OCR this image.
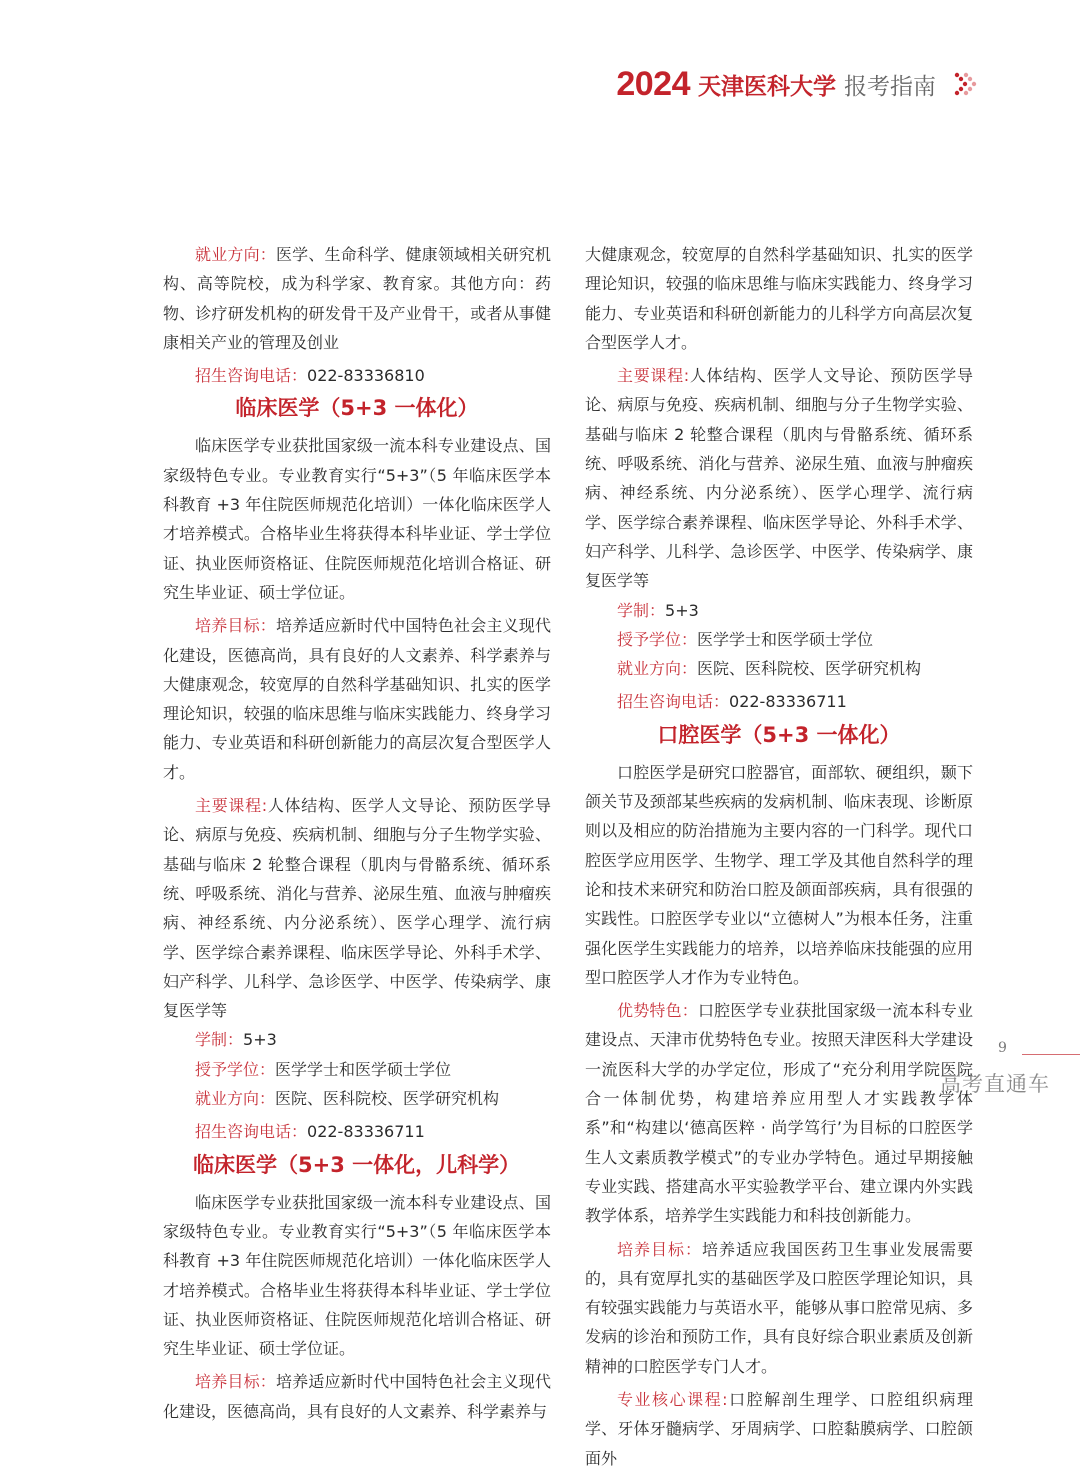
2024 天津医科大学 报考指南

就业方向：医学、生命科学、健康领域相关研究机构、高等院校，成为科学家、教育家。其他方向：药物、诊疗研发机构的研发骨干及产业骨干，或者从事健康相关产业的管理及创业

招生咨询电话：022-83336810

临床医学（5+3 一体化）

临床医学专业获批国家级一流本科专业建设点、国家级特色专业。专业教育实行“5+3”（5 年临床医学本科教育 +3 年住院医师规范化培训）一体化临床医学人才培养模式。合格毕业生将获得本科毕业证、学士学位证、执业医师资格证、住院医师规范化培训合格证、研究生毕业证、硕士学位证。

培养目标：培养适应新时代中国特色社会主义现代化建设，医德高尚，具有良好的人文素养、科学素养与大健康观念，较宽厚的自然科学基础知识、扎实的医学理论知识，较强的临床思维与临床实践能力、终身学习能力、专业英语和科研创新能力的高层次复合型医学人才。

主要课程:人体结构、医学人文导论、预防医学导论、病原与免疫、疾病机制、细胞与分子生物学实验、基础与临床 2 轮整合课程（肌肉与骨骼系统、循环系统、呼吸系统、消化与营养、泌尿生殖、血液与肿瘤疾病、神经系统、内分泌系统）、医学心理学、流行病学、医学综合素养课程、临床医学导论、外科手术学、妇产科学、儿科学、急诊医学、中医学、传染病学、康复医学等

学制：5+3

授予学位：医学学士和医学硕士学位

就业方向：医院、医科院校、医学研究机构

招生咨询电话：022-83336711

临床医学（5+3 一体化，儿科学）

临床医学专业获批国家级一流本科专业建设点、国家级特色专业。专业教育实行“5+3”（5 年临床医学本科教育 +3 年住院医师规范化培训）一体化临床医学人才培养模式。合格毕业生将获得本科毕业证、学士学位证、执业医师资格证、住院医师规范化培训合格证、研究生毕业证、硕士学位证。

培养目标：培养适应新时代中国特色社会主义现代化建设，医德高尚，具有良好的人文素养、科学素养与

大健康观念，较宽厚的自然科学基础知识、扎实的医学理论知识，较强的临床思维与临床实践能力、终身学习能力、专业英语和科研创新能力的儿科学方向高层次复合型医学人才。

主要课程:人体结构、医学人文导论、预防医学导论、病原与免疫、疾病机制、细胞与分子生物学实验、基础与临床 2 轮整合课程（肌肉与骨骼系统、循环系统、呼吸系统、消化与营养、泌尿生殖、血液与肿瘤疾病、神经系统、内分泌系统）、医学心理学、流行病学、医学综合素养课程、临床医学导论、外科手术学、妇产科学、儿科学、急诊医学、中医学、传染病学、康复医学等

学制：5+3

授予学位：医学学士和医学硕士学位

就业方向：医院、医科院校、医学研究机构

招生咨询电话：022-83336711

口腔医学（5+3 一体化）

口腔医学是研究口腔器官，面部软、硬组织，颞下颌关节及颈部某些疾病的发病机制、临床表现、诊断原则以及相应的防治措施为主要内容的一门科学。现代口腔医学应用医学、生物学、理工学及其他自然科学的理论和技术来研究和防治口腔及颌面部疾病，具有很强的实践性。口腔医学专业以“立德树人”为根本任务，注重强化医学生实践能力的培养，以培养临床技能强的应用型口腔医学人才作为专业特色。

优势特色：口腔医学专业获批国家级一流本科专业建设点、天津市优势特色专业。按照天津医科大学建设一流医科大学的办学定位，形成了“充分利用学院医院合一体制优势，构建培养应用型人才实践教学体系”和“构建以‘德高医粹 · 尚学笃行’为目标的口腔医学生人文素质教学模式”的专业办学特色。通过早期接触专业实践、搭建高水平实验教学平台、建立课内外实践教学体系，培养学生实践能力和科技创新能力。

培养目标：培养适应我国医药卫生事业发展需要的，具有宽厚扎实的基础医学及口腔医学理论知识，具有较强实践能力与英语水平，能够从事口腔常见病、多发病的诊治和预防工作，具有良好综合职业素质及创新精神的口腔医学专门人才。

专业核心课程:口腔解剖生理学、口腔组织病理学、牙体牙髓病学、牙周病学、口腔黏膜病学、口腔颌面外

9
高考直通车
